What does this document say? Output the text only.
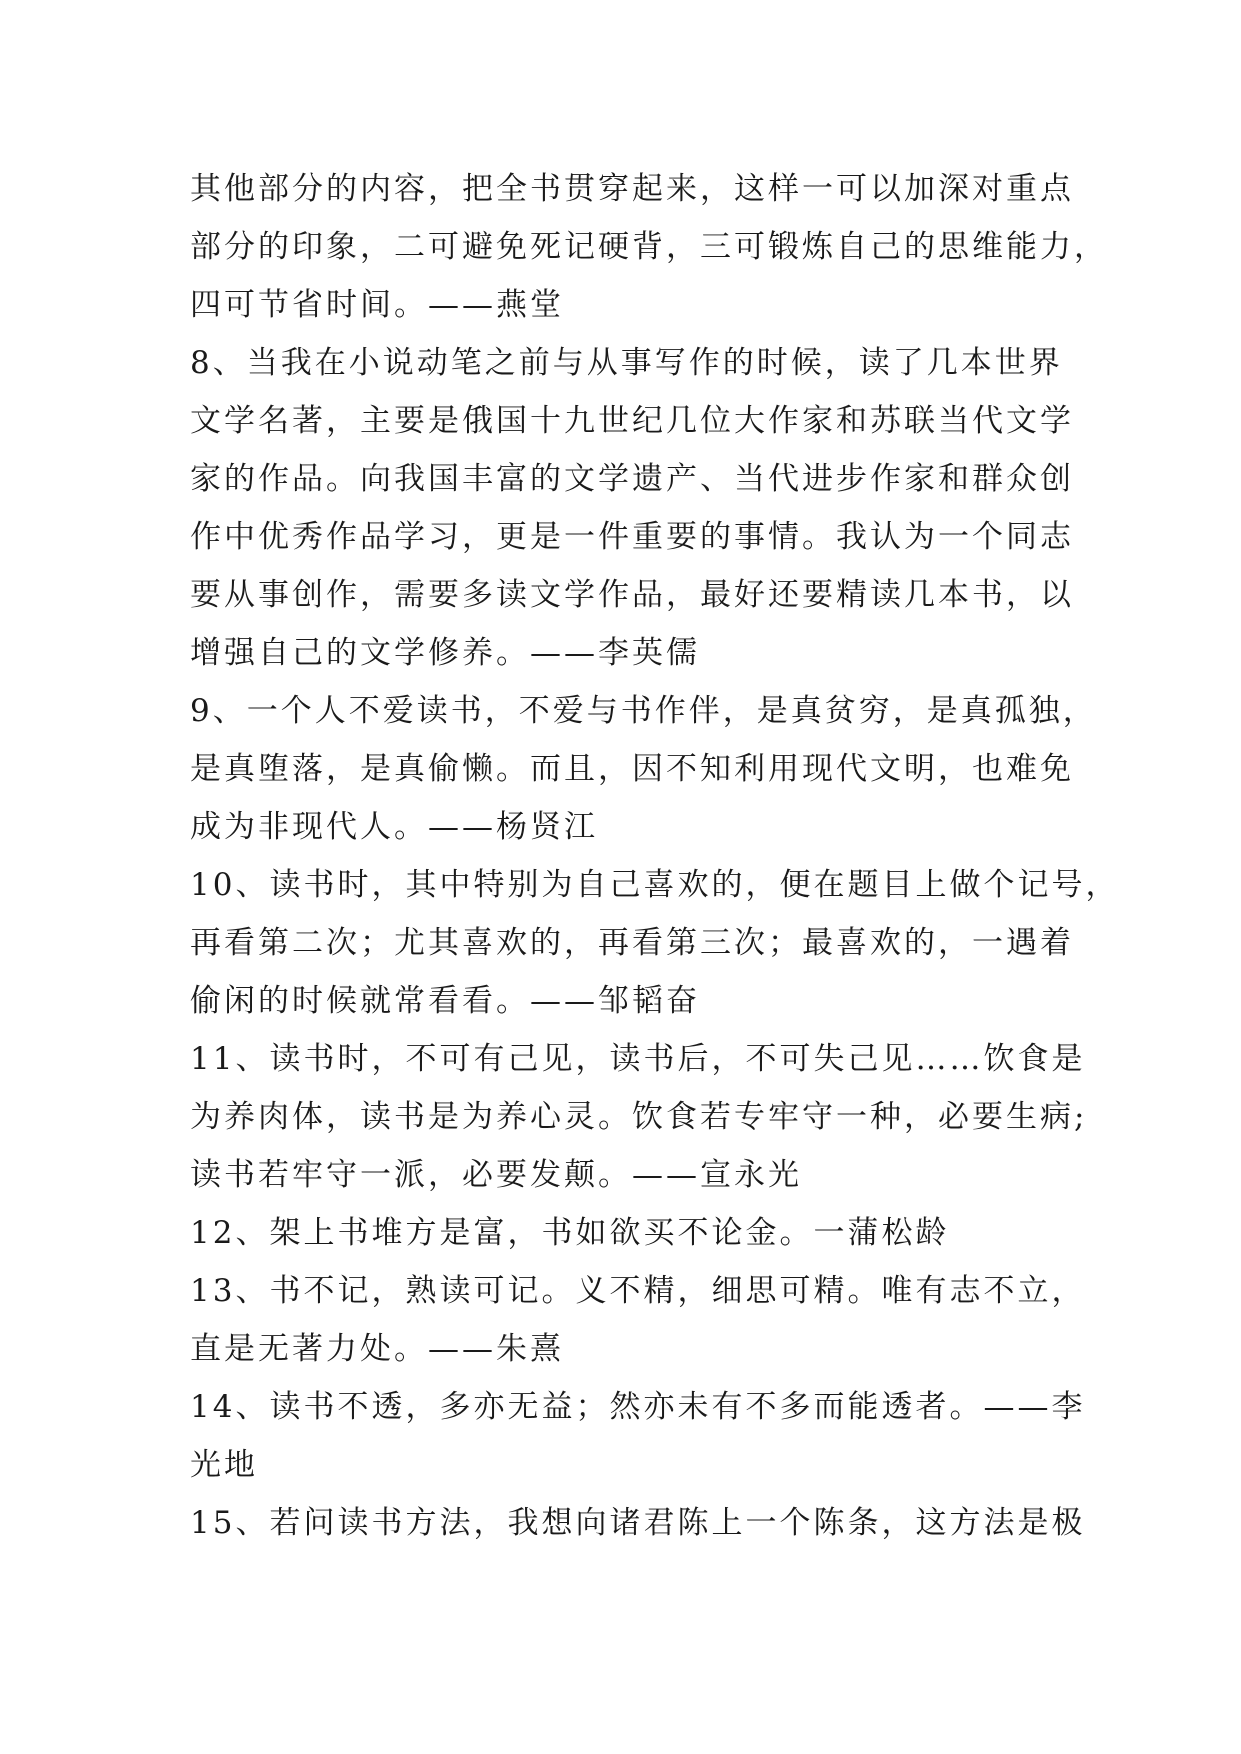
其他部分的内容，把全书贯穿起来，这样一可以加深对重点
部分的印象，二可避免死记硬背，三可锻炼自己的思维能力，
四可节省时间。——燕堂
8、当我在小说动笔之前与从事写作的时候，读了几本世界
文学名著，主要是俄国十九世纪几位大作家和苏联当代文学
家的作品。向我国丰富的文学遗产、当代进步作家和群众创
作中优秀作品学习，更是一件重要的事情。我认为一个同志
要从事创作，需要多读文学作品，最好还要精读几本书，以
增强自己的文学修养。——李英儒
9、一个人不爱读书，不爱与书作伴，是真贫穷，是真孤独，
是真堕落，是真偷懒。而且，因不知利用现代文明，也难免
成为非现代人。——杨贤江
10、读书时，其中特别为自己喜欢的，便在题目上做个记号，
再看第二次；尤其喜欢的，再看第三次；最喜欢的，一遇着
偷闲的时候就常看看。——邹韬奋
11、读书时，不可有己见，读书后，不可失己见……饮食是
为养肉体，读书是为养心灵。饮食若专牢守一种，必要生病;
读书若牢守一派，必要发颠。——宣永光
12、架上书堆方是富，书如欲买不论金。一蒲松龄
13、书不记，熟读可记。义不精，细思可精。唯有志不立，
直是无著力处。——朱熹
14、读书不透，多亦无益；然亦未有不多而能透者。——李
光地
15、若问读书方法，我想向诸君陈上一个陈条，这方法是极
